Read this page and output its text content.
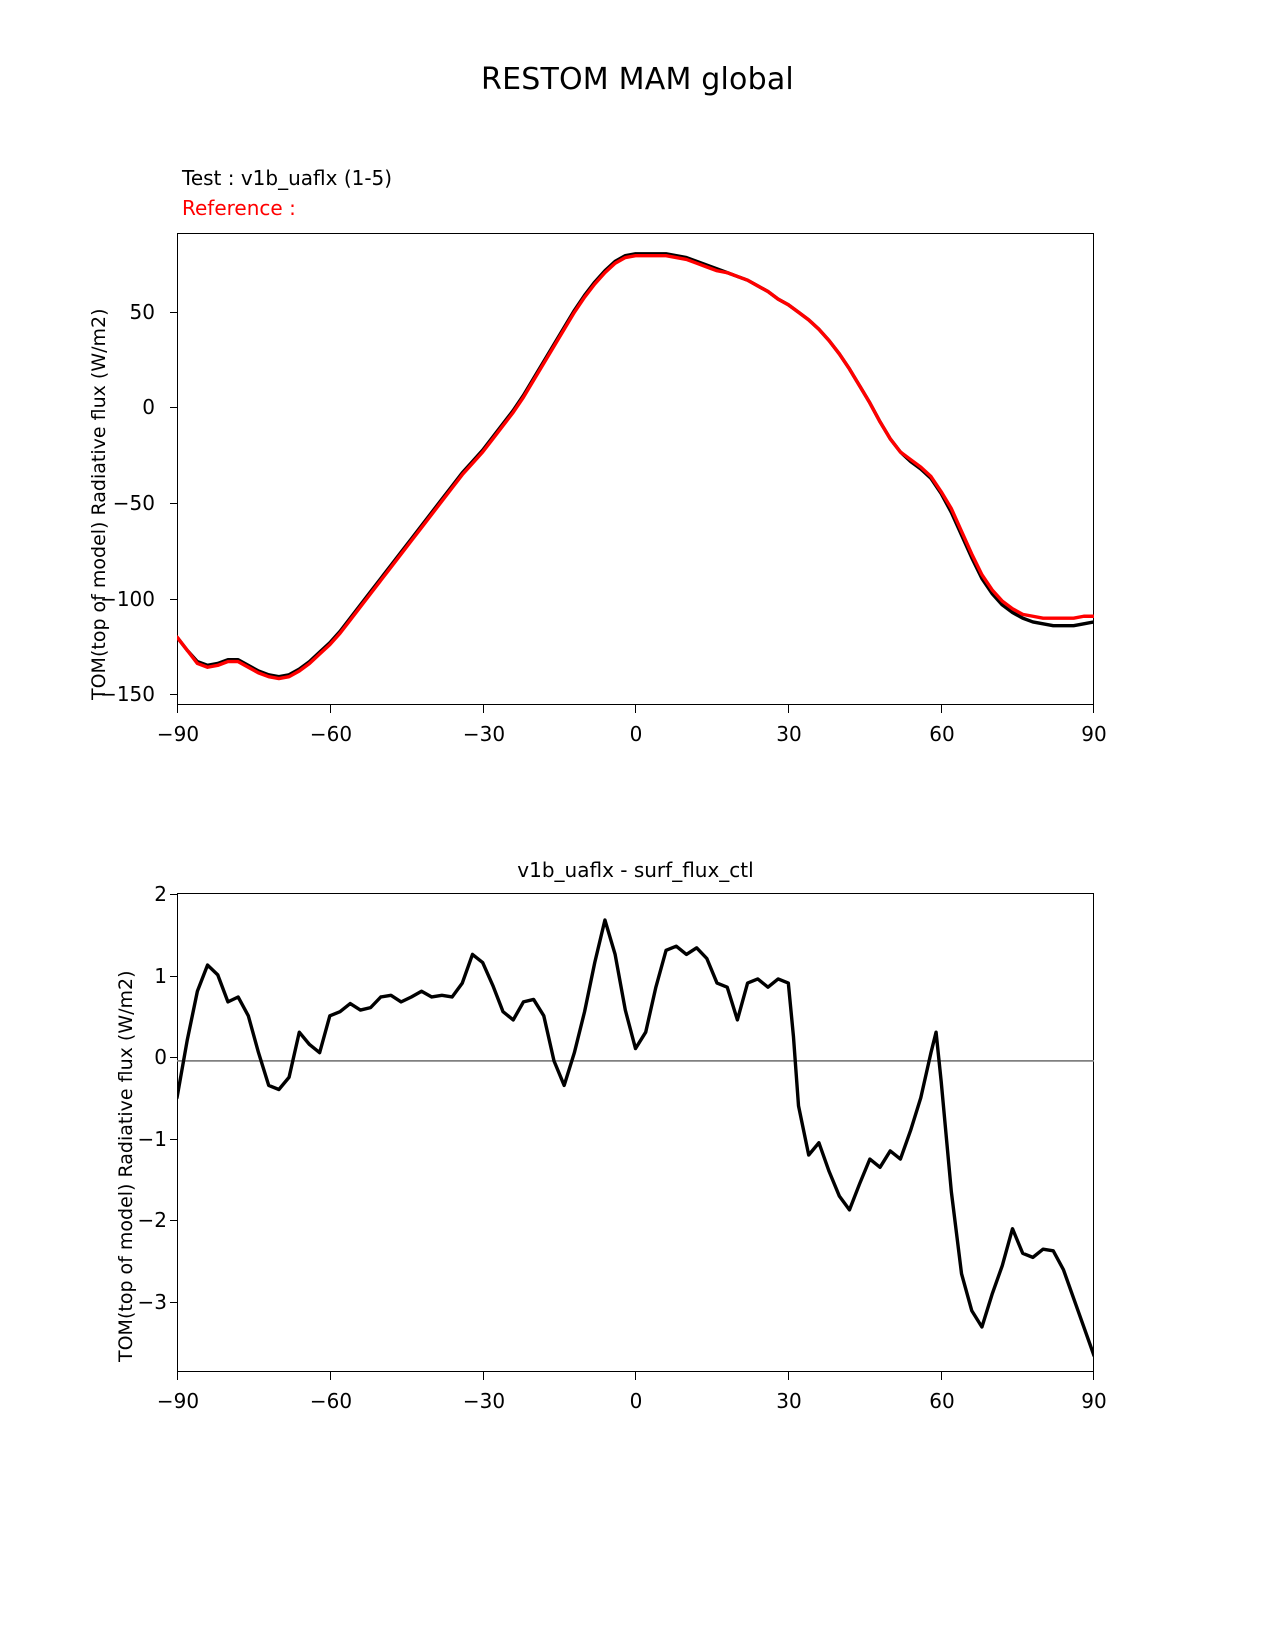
RESTOM MAM global
Test : v1b_uaflx (1-5)
Reference :
TOM(top of model) Radiative flux (W/m2) 50
0
−50
−100
−150
−90	−60	−30	0	30	60	90
v1b_uaflx - surf_flux_ctl
TOM(top of model) Radiative flux (W/m2)
2
1
0
−1
−2
−3
−90	−60	−30	0	30	60	90
